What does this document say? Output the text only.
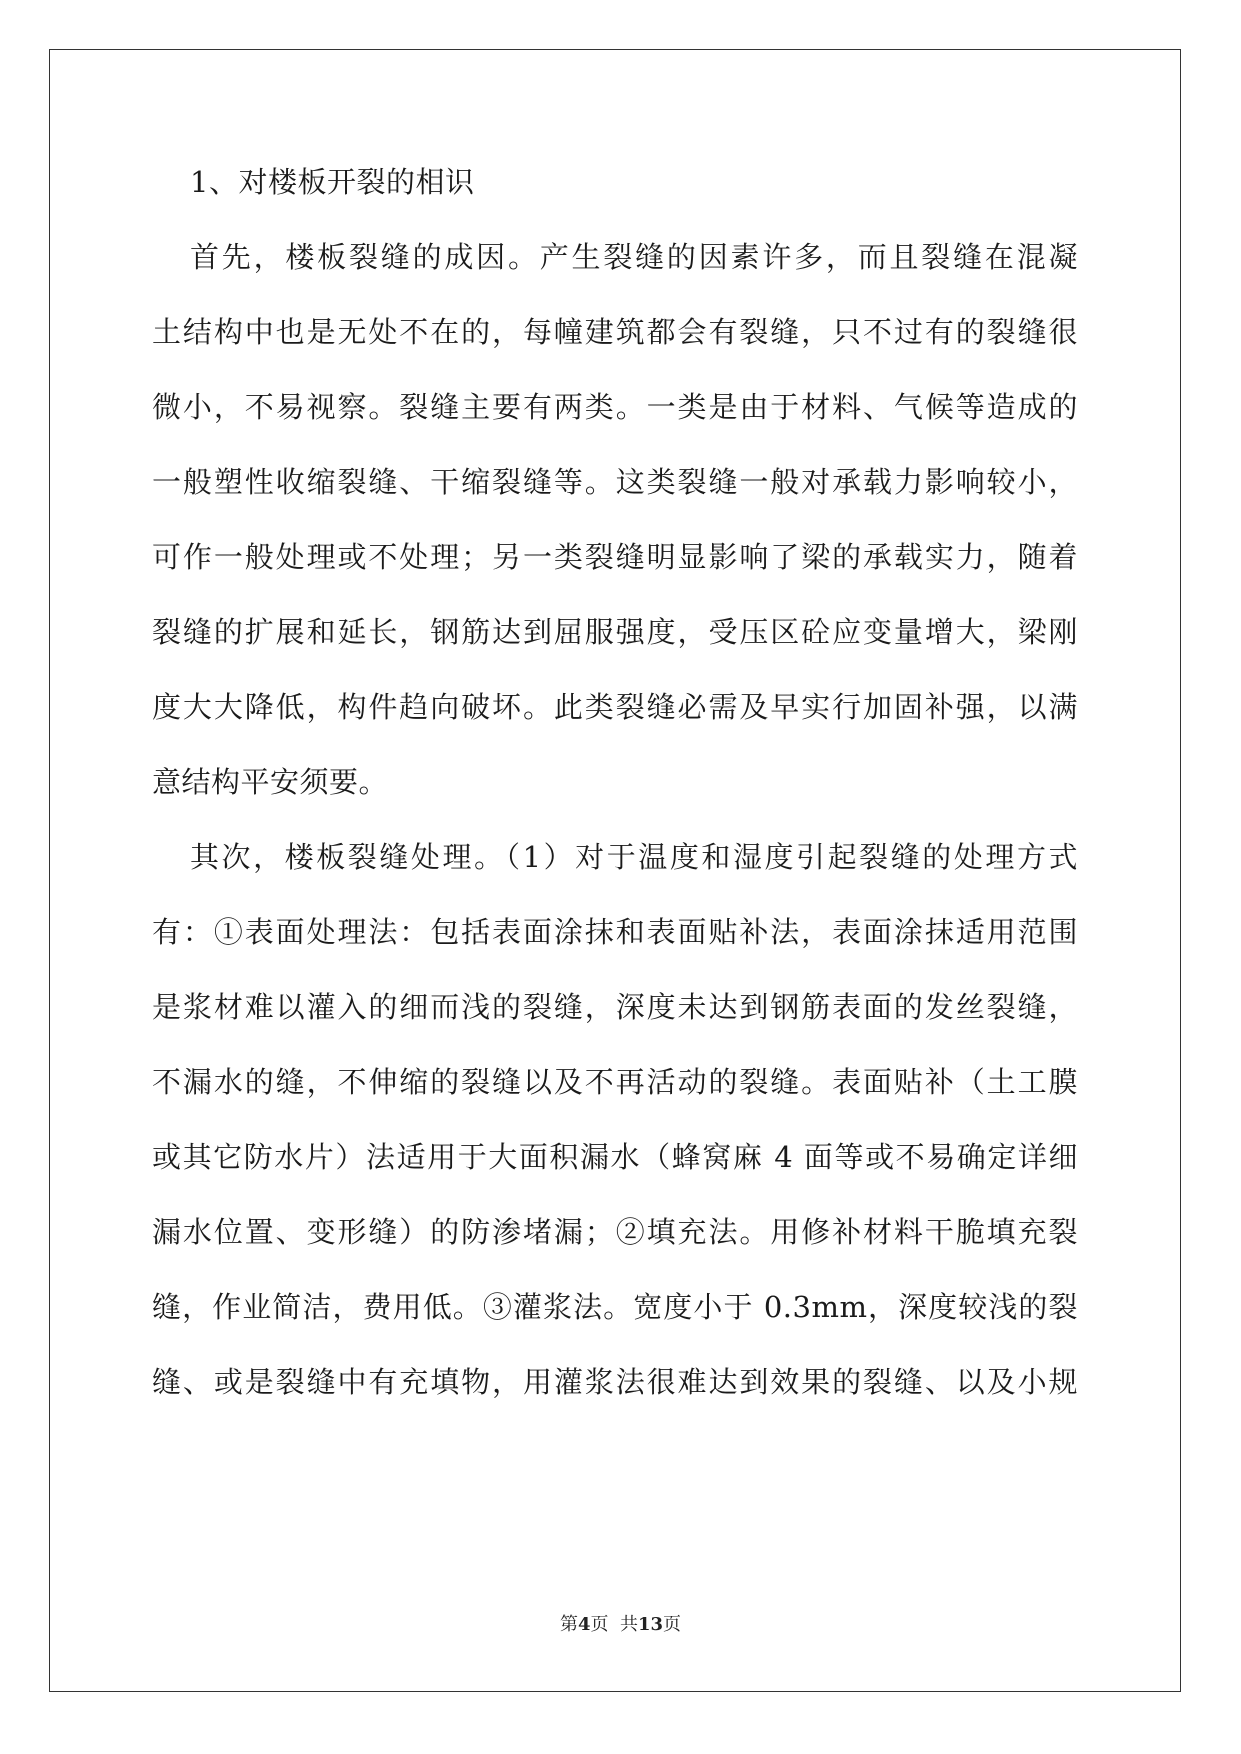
1、对楼板开裂的相识
首先，楼板裂缝的成因。产生裂缝的因素许多，而且裂缝在混凝
土结构中也是无处不在的，每幢建筑都会有裂缝，只不过有的裂缝很
微小，不易视察。裂缝主要有两类。一类是由于材料、气候等造成的
一般塑性收缩裂缝、干缩裂缝等。这类裂缝一般对承载力影响较小，
可作一般处理或不处理；另一类裂缝明显影响了梁的承载实力，随着
裂缝的扩展和延长，钢筋达到屈服强度，受压区砼应变量增大，梁刚
度大大降低，构件趋向破坏。此类裂缝必需及早实行加固补强，以满
意结构平安须要。
其次，楼板裂缝处理。（1）对于温度和湿度引起裂缝的处理方式
有：①表面处理法：包括表面涂抹和表面贴补法，表面涂抹适用范围
是浆材难以灌入的细而浅的裂缝，深度未达到钢筋表面的发丝裂缝，
不漏水的缝，不伸缩的裂缝以及不再活动的裂缝。表面贴补（土工膜
或其它防水片）法适用于大面积漏水（蜂窝麻 4 面等或不易确定详细
漏水位置、变形缝）的防渗堵漏；②填充法。用修补材料干脆填充裂
缝，作业简洁，费用低。③灌浆法。宽度小于 0.3mm，深度较浅的裂
缝、或是裂缝中有充填物，用灌浆法很难达到效果的裂缝、以及小规
第4页  共13页
